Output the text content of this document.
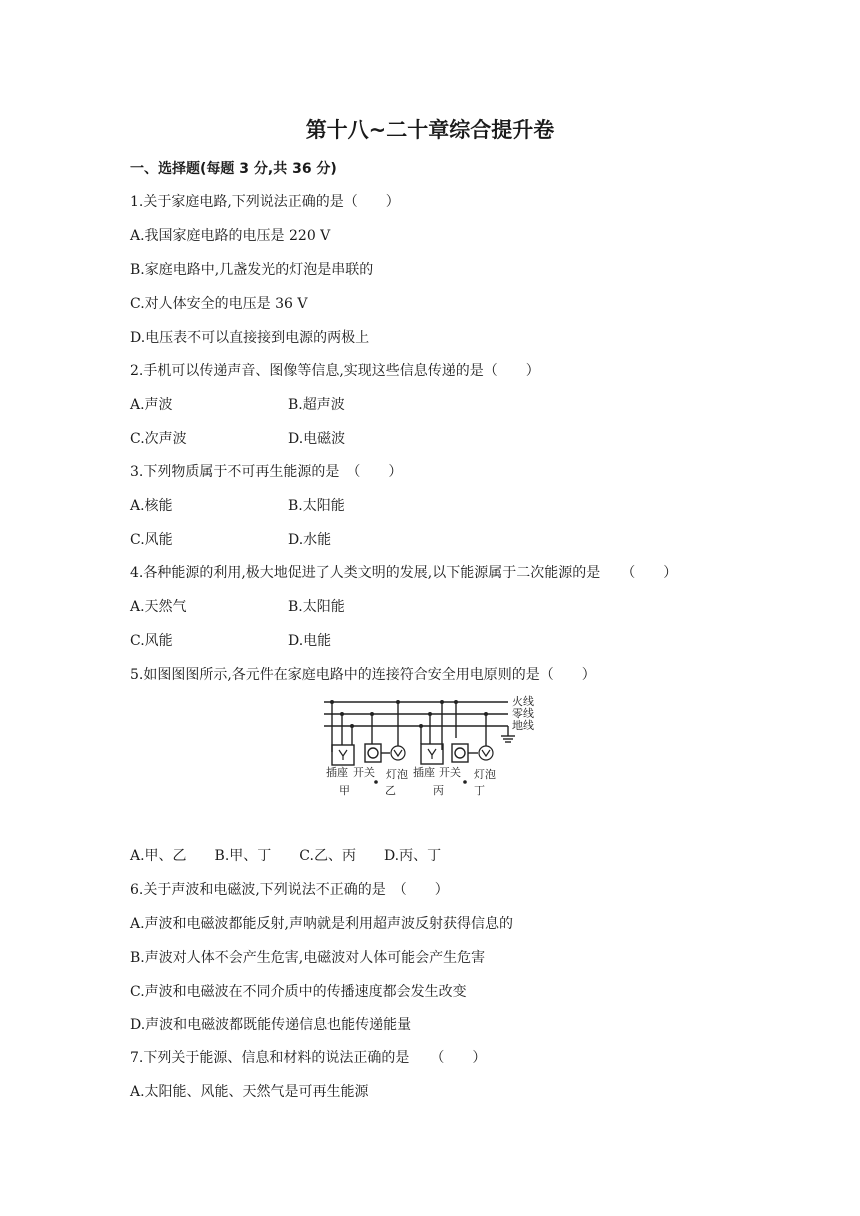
第十八~二十章综合提升卷
一、选择题(每题 3 分,共 36 分)
1.关于家庭电路,下列说法正确的是（　　）
A.我国家庭电路的电压是 220 V
B.家庭电路中,几盏发光的灯泡是串联的
C.对人体安全的电压是 36 V
D.电压表不可以直接接到电源的两极上
2.手机可以传递声音、图像等信息,实现这些信息传递的是（　　）
A.声波	B.超声波
C.次声波	D.电磁波
3.下列物质属于不可再生能源的是　（　　）
A.核能	B.太阳能
C.风能	D.水能
4.各种能源的利用,极大地促进了人类文明的发展,以下能源属于二次能源的是　　（　　）
A.天然气	B.太阳能
C.风能	D.电能
5.如图图图所示,各元件在家庭电路中的连接符合安全用电原则的是（　　）
火线
零线
地线
插座 开关 灯泡 插座 开关 灯泡
甲	乙	丙	丁
A.甲、乙　　B.甲、丁　　C.乙、丙　　D.丙、丁
6.关于声波和电磁波,下列说法不正确的是　（　　）
A.声波和电磁波都能反射,声呐就是利用超声波反射获得信息的
B.声波对人体不会产生危害,电磁波对人体可能会产生危害
C.声波和电磁波在不同介质中的传播速度都会发生改变
D.声波和电磁波都既能传递信息也能传递能量
7.下列关于能源、信息和材料的说法正确的是　　（　　）
A.太阳能、风能、天然气是可再生能源
